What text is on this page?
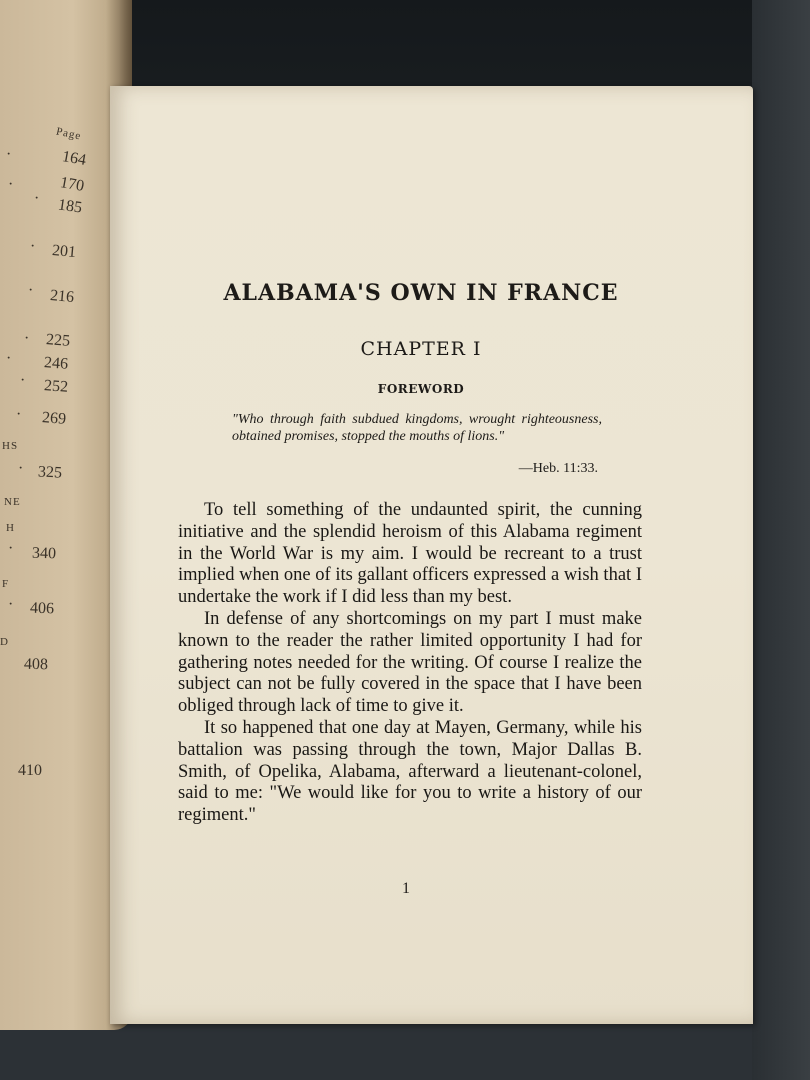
Page
·	164
·	170
· 185
· 201
· 216
· 225
· 246
· 252
· 269
HS
· 325
NE
H
· 340
F
· 406
D
408
410
ALABAMA'S OWN IN FRANCE
CHAPTER I
FOREWORD
"Who through faith subdued kingdoms, wrought righteousness, obtained promises, stopped the mouths of lions."
—Heb. 11:33.

To tell something of the undaunted spirit, the cunning initiative and the splendid heroism of this Alabama regiment in the World War is my aim. I would be recreant to a trust implied when one of its gallant officers expressed a wish that I undertake the work if I did less than my best.

In defense of any shortcomings on my part I must make known to the reader the rather limited opportunity I had for gathering notes needed for the writing. Of course I realize the subject can not be fully covered in the space that I have been obliged through lack of time to give it.

It so happened that one day at Mayen, Germany, while his battalion was passing through the town, Major Dallas B. Smith, of Opelika, Alabama, afterward a lieutenant-colonel, said to me: "We would like for you to write a history of our regiment."

1
